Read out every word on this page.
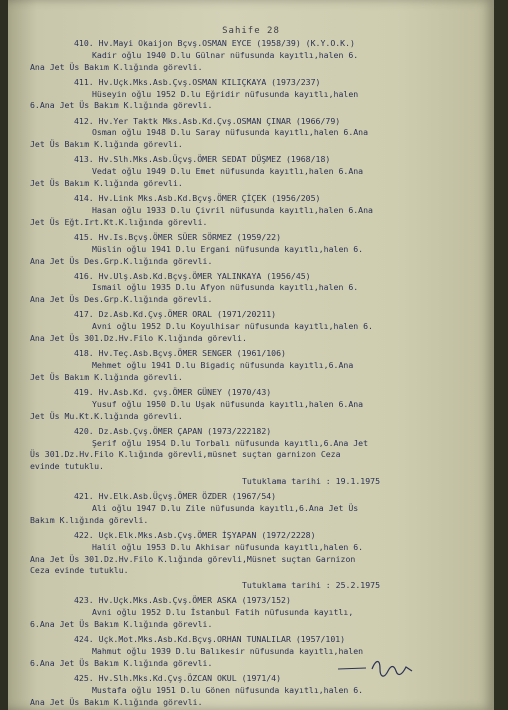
Sahife 28
410. Hv.Mayi Okaijon Bçvş.OSMAN EYCE (1958/39) (K.Y.O.K.)
Kadir oğlu 1940 D.lu Gülnar nüfusunda kayıtlı,halen 6.
Ana Jet Üs Bakım K.lığında görevli.
411. Hv.Uçk.Mks.Asb.Çvş.OSMAN KILIÇKAYA (1973/237)
Hüseyin oğlu 1952 D.lu Eğridir nüfusunda kayıtlı,halen
6.Ana Jet Üs Bakım K.lığında görevli.
412. Hv.Yer Taktk Mks.Asb.Kd.Çvş.OSMAN ÇINAR (1966/79)
Osman oğlu 1948 D.lu Saray nüfusunda kayıtlı,halen 6.Ana
Jet Üs Bakım K.lığında görevli.
413. Hv.Slh.Mks.Asb.Üçvş.ÖMER SEDAT DÜŞMEZ (1968/18)
Vedat oğlu 1949 D.lu Emet nüfusunda kayıtlı,halen 6.Ana
Jet Üs Bakım K.lığında görevli.
414. Hv.Link Mks.Asb.Kd.Bçvş.ÖMER ÇİÇEK (1956/205)
Hasan oğlu 1933 D.lu Çivril nüfusunda kayıtlı,halen 6.Ana
Jet Üs Eğt.Irt.Kt.K.lığında görevli.
415. Hv.Is.Bçvş.ÖMER SÜER SÖRMEZ (1959/22)
Müslin oğlu 1941 D.lu Ergani nüfusunda kayıtlı,halen 6.
Ana Jet Üs Des.Grp.K.lığında görevli.
416. Hv.Ulş.Asb.Kd.Bçvş.ÖMER YALINKAYA (1956/45)
Ismail oğlu 1935 D.lu Afyon nüfusunda kayıtlı,halen 6.
Ana Jet Üs Des.Grp.K.lığında görevli.
417. Dz.Asb.Kd.Çvş.ÖMER ORAL (1971/20211)
Avni oğlu 1952 D.lu Koyulhisar nüfusunda kayıtlı,halen 6.
Ana Jet Üs 301.Dz.Hv.Filo K.lığında görevli.
418. Hv.Teç.Asb.Bçvş.ÖMER SENGER (1961/106)
Mehmet oğlu 1941 D.lu Bigadiç nüfusunda kayıtlı,6.Ana
Jet Üs Bakım K.lığında görevli.
419. Hv.Asb.Kd. çvş.ÖMER GÜNEY (1970/43)
Yusuf oğlu 1950 D.lu Uşak nüfusunda kayıtlı,halen 6.Ana
Jet Üs Mu.Kt.K.lığında görevli.
420. Dz.Asb.Çvş.ÖMER ÇAPAN (1973/222182)
Şerif oğlu 1954 D.lu Torbalı nüfusunda kayıtlı,6.Ana Jet
Üs 301.Dz.Hv.Filo K.lığında görevli,müsnet suçtan garnizon Ceza
evinde tutuklu.
Tutuklama tarihi : 19.1.1975
421. Hv.Elk.Asb.Üçvş.ÖMER ÖZDER (1967/54)
Ali oğlu 1947 D.lu Zile nüfusunda kayıtlı,6.Ana Jet Üs
Bakım K.lığında görevli.
422. Uçk.Elk.Mks.Asb.Çvş.ÖMER İŞYAPAN (1972/2228)
Halil oğlu 1953 D.lu Akhisar nüfusunda kayıtlı,halen 6.
Ana Jet Üs 301.Dz.Hv.Filo K.lığında görevli,Müsnet suçtan Garnizon
Ceza evinde tutuklu.
Tutuklama tarihi : 25.2.1975
423. Hv.Uçk.Mks.Asb.Çvş.ÖMER ASKA (1973/152)
Avni oğlu 1952 D.lu İstanbul Fatih nüfusunda kayıtlı,
6.Ana Jet Üs Bakım K.lığında görevli.
424. Uçk.Mot.Mks.Asb.Kd.Bçvş.ORHAN TUNALILAR (1957/101)
Mahmut oğlu 1939 D.lu Balıkesir nüfusunda kayıtlı,halen
6.Ana Jet Üs Bakım K.lığında görevli.
425. Hv.Slh.Mks.Kd.Çvş.ÖZCAN OKUL (1971/4)
Mustafa oğlu 1951 D.lu Gönen nüfusunda kayıtlı,halen 6.
Ana Jet Üs Bakım K.lığında görevli.
